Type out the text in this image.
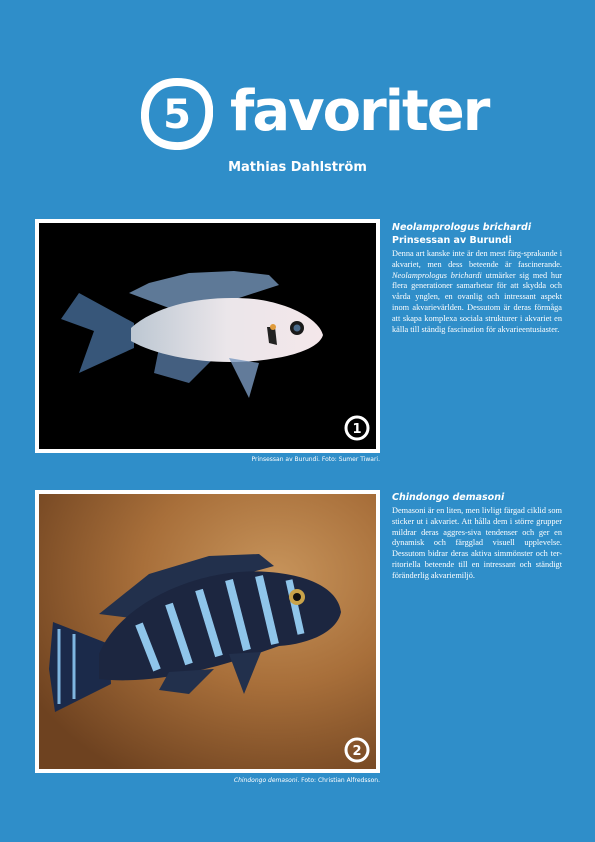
5 favoriter
Mathias Dahlström
1
Prinsessan av Burundi. Foto: Sumer Tiwari.

Neolamprologus brichardi

Prinsessan av Burundi

Denna art kanske inte är den mest färg-sprakande i akvariet, men dess beteende är fascinerande. Neolamprologus brichardi utmärker sig med hur flera generationer samarbetar för att skydda och vårda ynglen, en ovanlig och intressant aspekt inom akvarievärlden. Dessutom är deras förmåga att skapa komplexa sociala strukturer i akvariet en källa till ständig fascination för akvarieentusiaster.

2
Chindongo demasoni. Foto: Christian Alfredsson.

Chindongo demasoni

Demasoni är en liten, men livligt färgad ciklid som sticker ut i akvariet. Att hålla dem i större grupper mildrar deras aggres-siva tendenser och ger en dynamisk och färgglad visuell upplevelse. Dessutom bidrar deras aktiva simmönster och ter-ritoriella beteende till en intressant och ständigt föränderlig akvariemiljö.
